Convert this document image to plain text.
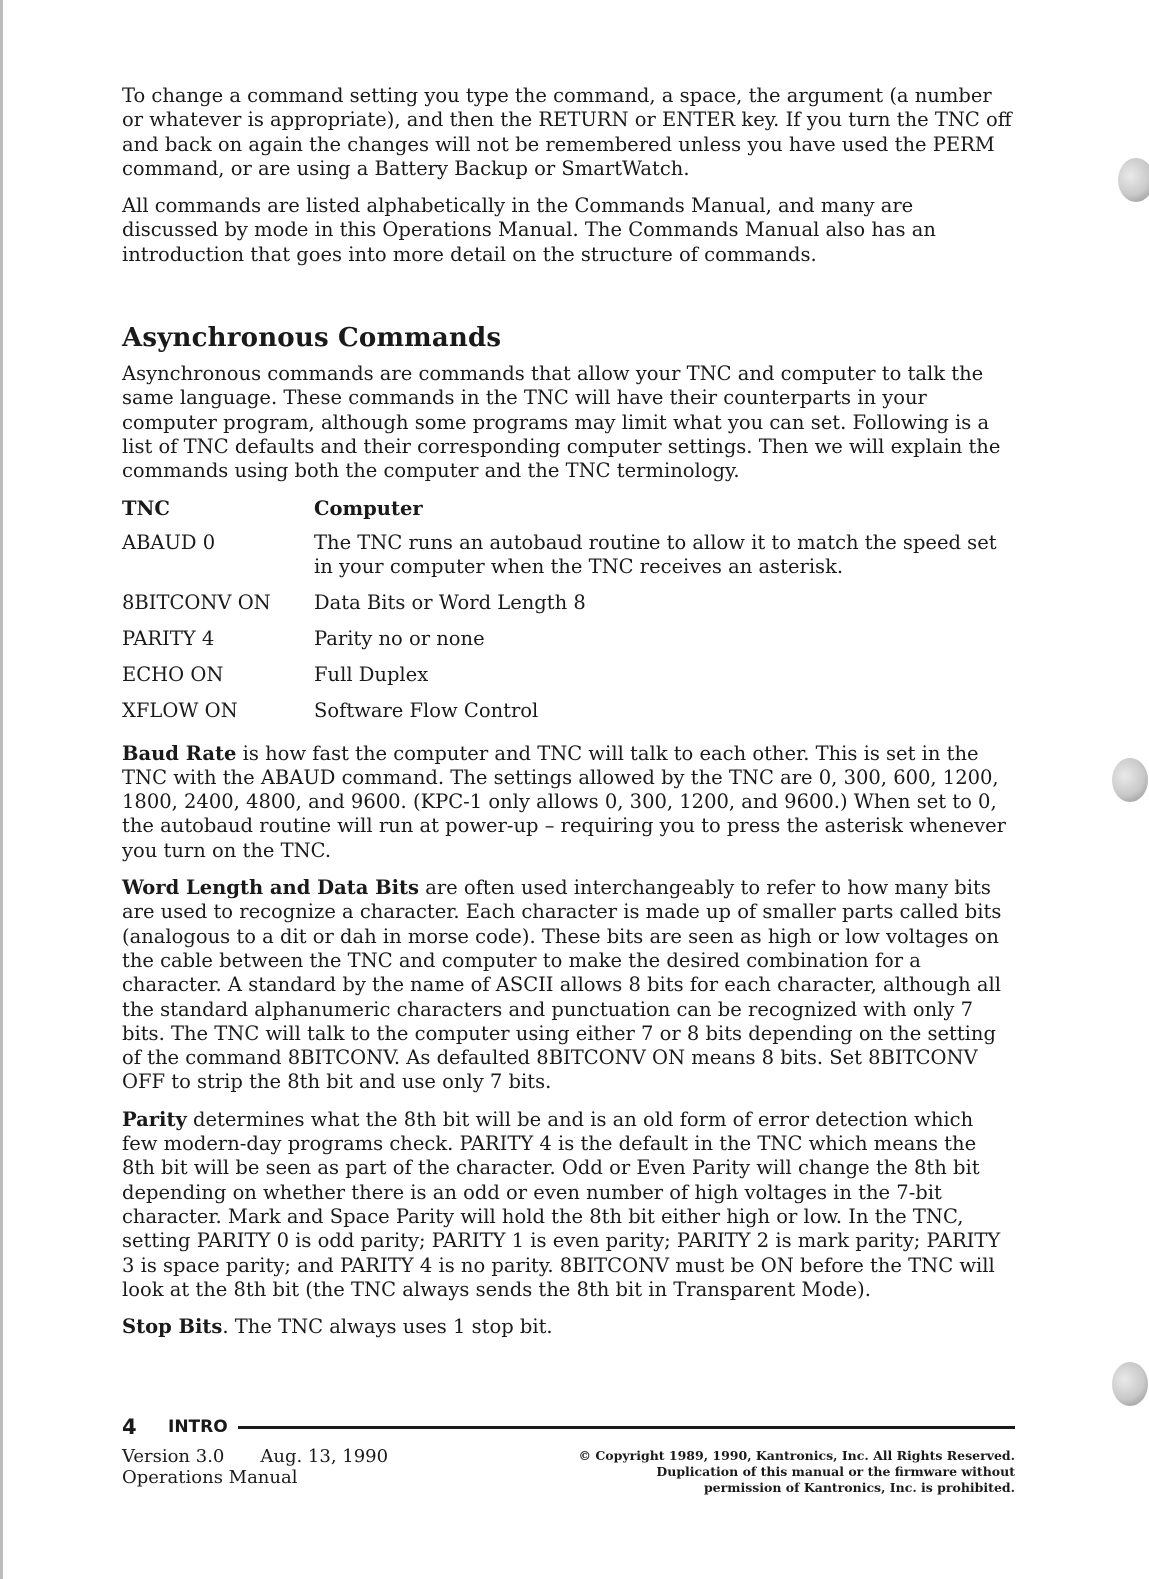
To change a command setting you type the command, a space, the argument (a number or whatever is appropriate), and then the RETURN or ENTER key. If you turn the TNC off and back on again the changes will not be remembered unless you have used the PERM command, or are using a Battery Backup or SmartWatch.

All commands are listed alphabetically in the Commands Manual, and many are discussed by mode in this Operations Manual. The Commands Manual also has an introduction that goes into more detail on the structure of commands.

Asynchronous Commands

Asynchronous commands are commands that allow your TNC and computer to talk the same language. These commands in the TNC will have their counterparts in your computer program, although some programs may limit what you can set. Following is a list of TNC defaults and their corresponding computer settings. Then we will explain the commands using both the computer and the TNC terminology.

TNC	Computer
ABAUD 0	The TNC runs an autobaud routine to allow it to match the speed set in your computer when the TNC receives an asterisk.
8BITCONV ON	Data Bits or Word Length 8
PARITY 4	Parity no or none
ECHO ON	Full Duplex
XFLOW ON	Software Flow Control

Baud Rate is how fast the computer and TNC will talk to each other. This is set in the TNC with the ABAUD command. The settings allowed by the TNC are 0, 300, 600, 1200, 1800, 2400, 4800, and 9600. (KPC-1 only allows 0, 300, 1200, and 9600.) When set to 0, the autobaud routine will run at power-up – requiring you to press the asterisk whenever you turn on the TNC.

Word Length and Data Bits are often used interchangeably to refer to how many bits are used to recognize a character. Each character is made up of smaller parts called bits (analogous to a dit or dah in morse code). These bits are seen as high or low voltages on the cable between the TNC and computer to make the desired combination for a character. A standard by the name of ASCII allows 8 bits for each character, although all the standard alphanumeric characters and punctuation can be recognized with only 7 bits. The TNC will talk to the computer using either 7 or 8 bits depending on the setting of the command 8BITCONV. As defaulted 8BITCONV ON means 8 bits. Set 8BITCONV OFF to strip the 8th bit and use only 7 bits.

Parity determines what the 8th bit will be and is an old form of error detection which few modern-day programs check. PARITY 4 is the default in the TNC which means the 8th bit will be seen as part of the character. Odd or Even Parity will change the 8th bit depending on whether there is an odd or even number of high voltages in the 7-bit character. Mark and Space Parity will hold the 8th bit either high or low. In the TNC, setting PARITY 0 is odd parity; PARITY 1 is even parity; PARITY 2 is mark parity; PARITY 3 is space parity; and PARITY 4 is no parity. 8BITCONV must be ON before the TNC will look at the 8th bit (the TNC always sends the 8th bit in Transparent Mode).

Stop Bits. The TNC always uses 1 stop bit.

4	INTRO
Version 3.0 Aug. 13, 1990
Operations Manual
© Copyright 1989, 1990, Kantronics, Inc. All Rights Reserved.
Duplication of this manual or the firmware without
permission of Kantronics, Inc. is prohibited.
